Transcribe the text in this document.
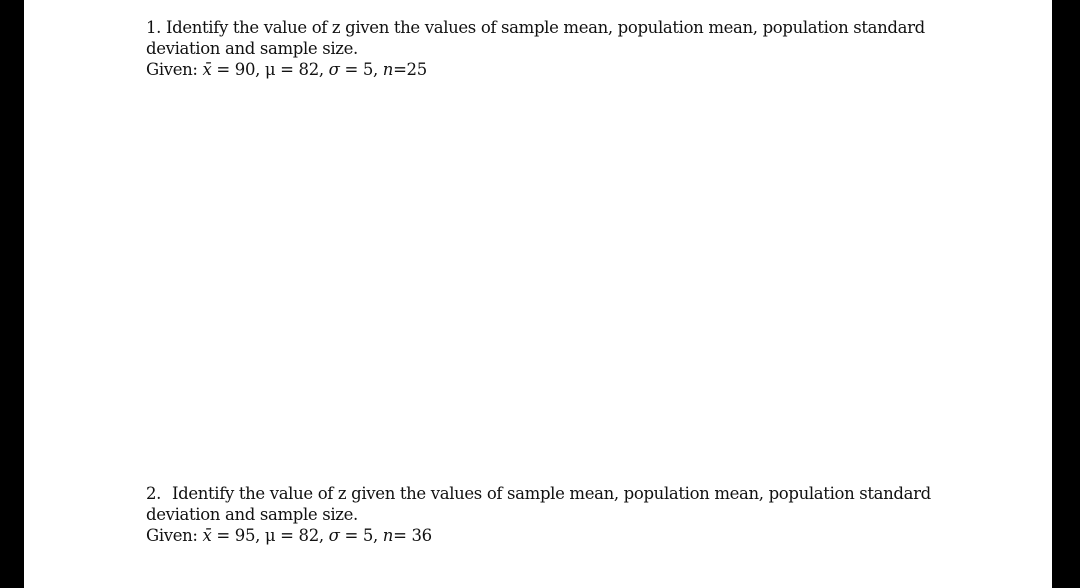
1. Identify the value of z given the values of sample mean, population mean, population standard
deviation and sample size.
Given: x̄ = 90, μ = 82, σ = 5, n=25
2. Identify the value of z given the values of sample mean, population mean, population standard
deviation and sample size.
Given: x̄ = 95, μ = 82, σ = 5, n= 36
